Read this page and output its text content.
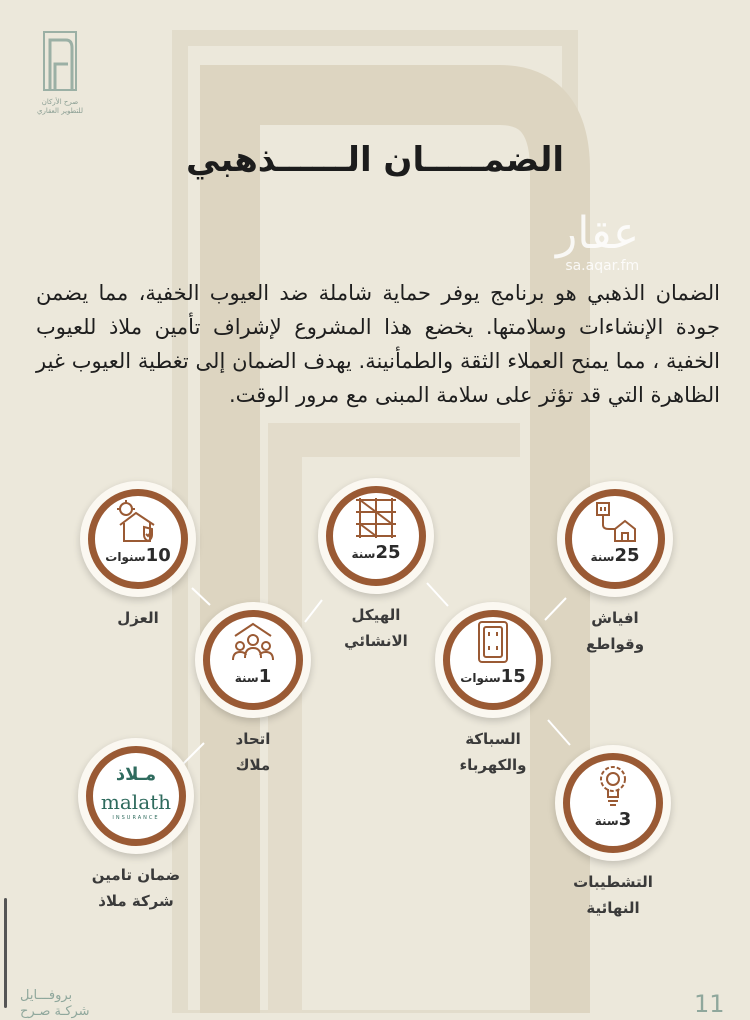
صرح الأركان للتطوير العقاري
الضمـــــان الــــــذهبي
عقار
sa.aqar.fm
الضمان الذهبي هو برنامج يوفر حماية شاملة ضد العيوب الخفية، مما يضمن جودة الإنشاءات وسلامتها. يخضع هذا المشروع لإشراف تأمين ملاذ للعيوب الخفية ، مما يمنح العملاء الثقة والطمأنينة. يهدف الضمان إلى تغطية العيوب غير الظاهرة التي قد تؤثر على سلامة المبنى مع مرور الوقت.
25سنة
افياش
وقواطع
25سنة
الهيكل
الانشائي
10سنوات
العزل
15سنوات
السباكة
والكهرباء
1سنة
اتحاد
ملاك
3سنة
التشطيبات
النهائية
مـلاذ
malath
INSURANCE
ضمان تامين
شركة ملاذ
بروفـــايل
شركـة صـرح	11
